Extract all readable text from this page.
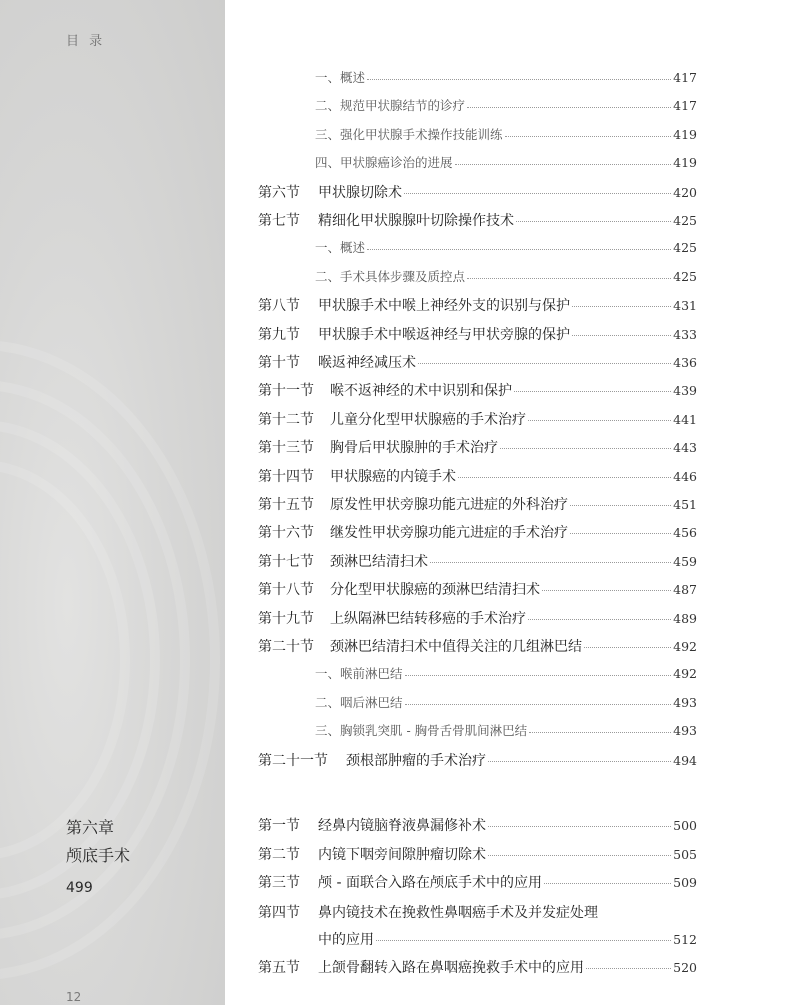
目 录
第六章
颅底手术
499
12
一、概述	417
二、规范甲状腺结节的诊疗	417
三、强化甲状腺手术操作技能训练	419
四、甲状腺癌诊治的进展	419
第六节	甲状腺切除术	420
第七节	精细化甲状腺腺叶切除操作技术	425
一、概述	425
二、手术具体步骤及质控点	425
第八节	甲状腺手术中喉上神经外支的识别与保护	431
第九节	甲状腺手术中喉返神经与甲状旁腺的保护	433
第十节	喉返神经减压术	436
第十一节	喉不返神经的术中识别和保护	439
第十二节	儿童分化型甲状腺癌的手术治疗	441
第十三节	胸骨后甲状腺肿的手术治疗	443
第十四节	甲状腺癌的内镜手术	446
第十五节	原发性甲状旁腺功能亢进症的外科治疗	451
第十六节	继发性甲状旁腺功能亢进症的手术治疗	456
第十七节	颈淋巴结清扫术	459
第十八节	分化型甲状腺癌的颈淋巴结清扫术	487
第十九节	上纵隔淋巴结转移癌的手术治疗	489
第二十节	颈淋巴结清扫术中值得关注的几组淋巴结	492
一、喉前淋巴结	492
二、咽后淋巴结	493
三、胸锁乳突肌 - 胸骨舌骨肌间淋巴结	493
第二十一节	颈根部肿瘤的手术治疗	494
第一节	经鼻内镜脑脊液鼻漏修补术	500
第二节	内镜下咽旁间隙肿瘤切除术	505
第三节	颅 - 面联合入路在颅底手术中的应用	509
第四节 鼻内镜技术在挽救性鼻咽癌手术及并发症处理
中的应用	512
第五节	上颌骨翻转入路在鼻咽癌挽救手术中的应用	520
